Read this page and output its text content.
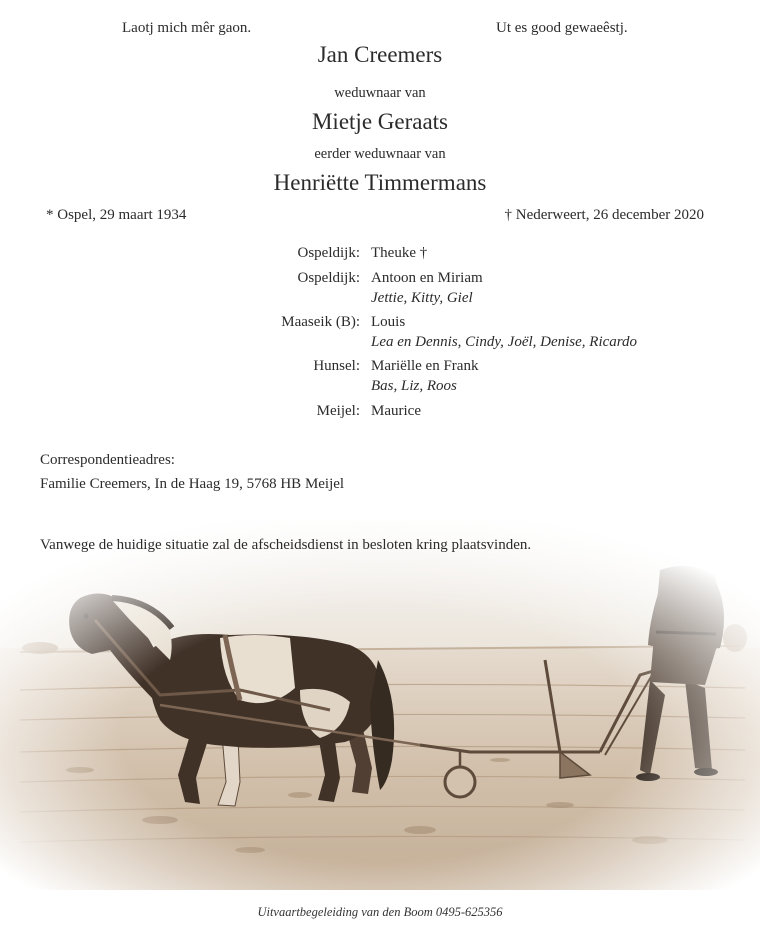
Laotj mich mêr gaon.	Ut es good gewaeêstj.
Jan Creemers
weduwnaar van
Mietje Geraats
eerder weduwnaar van
Henriëtte Timmermans
* Ospel, 29 maart 1934	† Nederweert, 26 december 2020
Ospeldijk: Theuke †
Ospeldijk: Antoon en Miriam
Jettie, Kitty, Giel
Maaseik (B): Louis
Lea en Dennis, Cindy, Joël, Denise, Ricardo
Hunsel: Mariëlle en Frank
Bas, Liz, Roos
Meijel: Maurice
Correspondentieadres:
Familie Creemers, In de Haag 19, 5768 HB Meijel
Vanwege de huidige situatie zal de afscheidsdienst in besloten kring plaatsvinden.
Uitvaartbegeleiding van den Boom 0495-625356
